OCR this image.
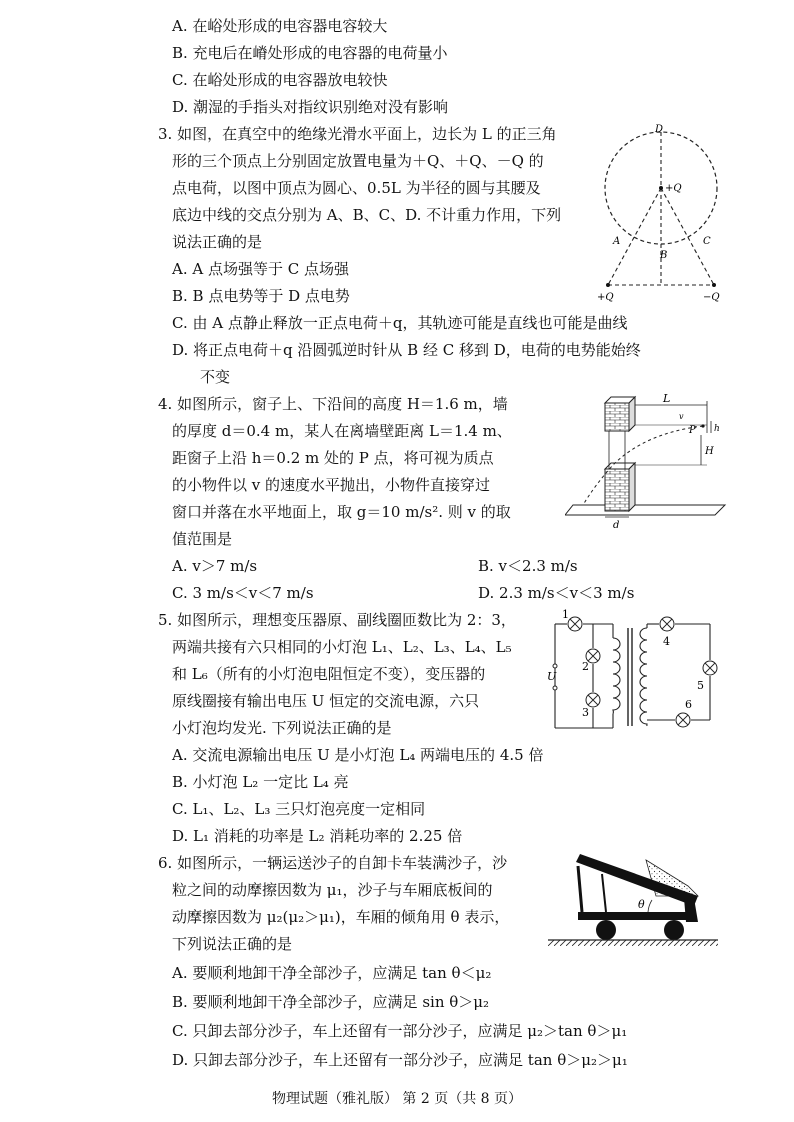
A. 在峪处形成的电容器电容较大
B. 充电后在嵴处形成的电容器的电荷量小
C. 在峪处形成的电容器放电较快
D. 潮湿的手指头对指纹识别绝对没有影响
3. 如图，在真空中的绝缘光滑水平面上，边长为 L 的正三角
形的三个顶点上分别固定放置电量为＋Q、＋Q、－Q 的
点电荷，以图中顶点为圆心、0.5L 为半径的圆与其腰及
底边中线的交点分别为 A、B、C、D. 不计重力作用，下列
说法正确的是
A. A 点场强等于 C 点场强
B. B 点电势等于 D 点电势
C. 由 A 点静止释放一正点电荷＋q，其轨迹可能是直线也可能是曲线
D. 将正点电荷＋q 沿圆弧逆时针从 B 经 C 移到 D，电荷的电势能始终
不变
+Q
+Q	−Q
D
A
B
C
4. 如图所示，窗子上、下沿间的高度 H＝1.6 m，墙
的厚度 d＝0.4 m，某人在离墙壁距离 L＝1.4 m、
距窗子上沿 h＝0.2 m 处的 P 点，将可视为质点
的小物件以 v 的速度水平抛出，小物件直接穿过
窗口并落在水平地面上，取 g＝10 m/s². 则 v 的取
值范围是
A. v＞7 m/s	B. v＜2.3 m/s
C. 3 m/s＜v＜7 m/s	D. 2.3 m/s＜v＜3 m/s
L
v
P h
H
d
5. 如图所示，理想变压器原、副线圈匝数比为 2：3，
两端共接有六只相同的小灯泡 L₁、L₂、L₃、L₄、L₅
和 L₆（所有的小灯泡电阻恒定不变），变压器的
原线圈接有输出电压 U 恒定的交流电源，六只
小灯泡均发光. 下列说法正确的是
A. 交流电源输出电压 U 是小灯泡 L₄ 两端电压的 4.5 倍
B. 小灯泡 L₂ 一定比 L₄ 亮
C. L₁、L₂、L₃ 三只灯泡亮度一定相同
D. L₁ 消耗的功率是 L₂ 消耗功率的 2.25 倍
1
2
3
4
5
6
U
6. 如图所示，一辆运送沙子的自卸卡车装满沙子，沙
粒之间的动摩擦因数为 μ₁，沙子与车厢底板间的
动摩擦因数为 μ₂(μ₂＞μ₁)，车厢的倾角用 θ 表示，
下列说法正确的是
A. 要顺利地卸干净全部沙子，应满足 tan θ＜μ₂
B. 要顺利地卸干净全部沙子，应满足 sin θ＞μ₂
C. 只卸去部分沙子，车上还留有一部分沙子，应满足 μ₂＞tan θ＞μ₁
D. 只卸去部分沙子，车上还留有一部分沙子，应满足 tan θ＞μ₂＞μ₁
θ
物理试题（雅礼版） 第 2 页（共 8 页）
